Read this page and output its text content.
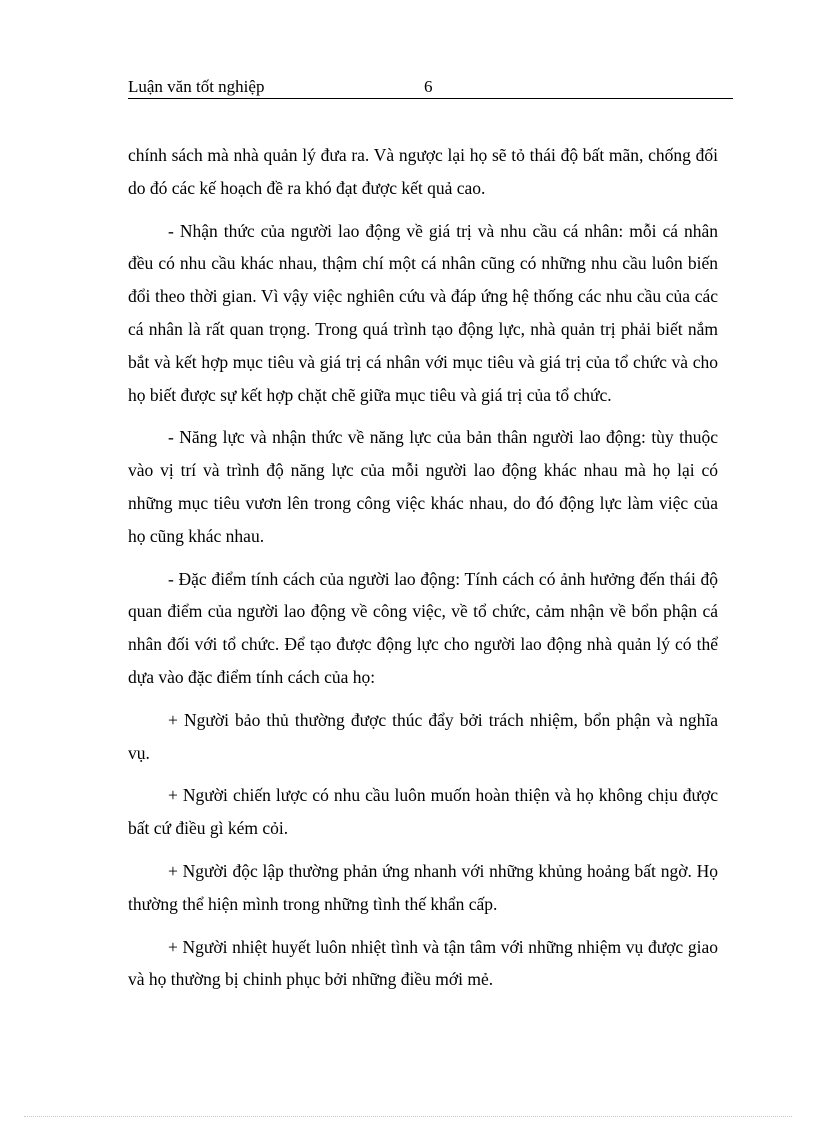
Luận văn tốt nghiệp	6

chính sách mà nhà quản lý đưa ra. Và ngược lại họ sẽ tỏ thái độ bất mãn, chống đối do đó các kế hoạch đề ra khó đạt được kết quả cao.

- Nhận thức của người lao động về giá trị và nhu cầu cá nhân: mỗi cá nhân đều có nhu cầu khác nhau, thậm chí một cá nhân cũng có những nhu cầu luôn biến đổi theo thời gian. Vì vậy việc nghiên cứu và đáp ứng hệ thống các nhu cầu của các cá nhân là rất quan trọng. Trong quá trình tạo động lực, nhà quản trị phải biết nắm bắt và kết hợp mục tiêu và giá trị cá nhân với mục tiêu và giá trị của tổ chức và cho họ biết được sự kết hợp chặt chẽ giữa mục tiêu và giá trị của tổ chức.

- Năng lực và nhận thức về năng lực của bản thân người lao động: tùy thuộc vào vị trí và trình độ năng lực của mỗi người lao động khác nhau mà họ lại có những mục tiêu vươn lên trong công việc khác nhau, do đó động lực làm việc của họ cũng khác nhau.

- Đặc điểm tính cách của người lao động: Tính cách có ảnh hưởng đến thái độ quan điểm của người lao động về công việc, về tổ chức, cảm nhận về bổn phận cá nhân đối với tổ chức. Để tạo được động lực cho người lao động nhà quản lý có thể dựa vào đặc điểm tính cách của họ:

+ Người bảo thủ thường được thúc đẩy bởi trách nhiệm, bổn phận và nghĩa vụ.

+ Người chiến lược có nhu cầu luôn muốn hoàn thiện và họ không chịu được bất cứ điều gì kém cỏi.

+ Người độc lập thường phản ứng nhanh với những khủng hoảng bất ngờ. Họ thường thể hiện mình trong những tình thế khẩn cấp.

+ Người nhiệt huyết luôn nhiệt tình và tận tâm với những nhiệm vụ được giao và họ thường bị chinh phục bởi những điều mới mẻ.
